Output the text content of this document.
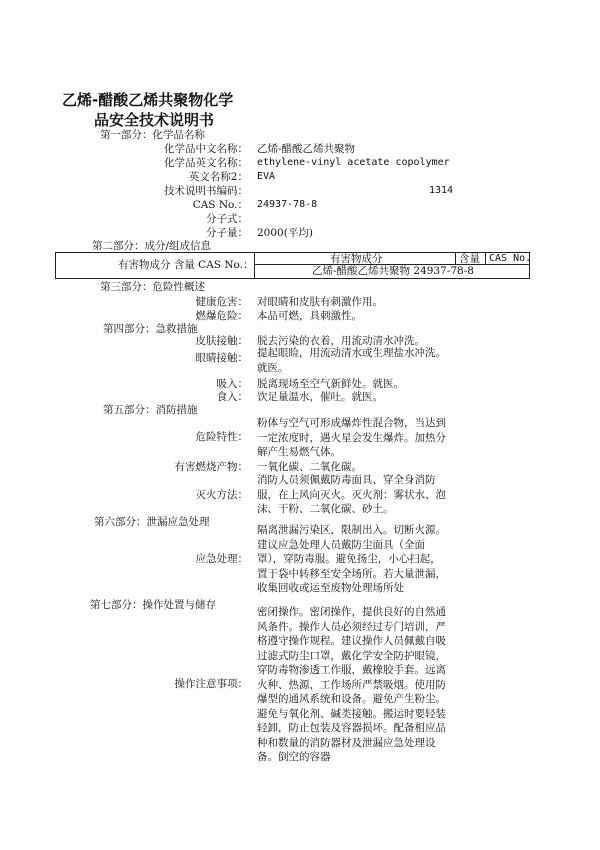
乙烯-醋酸乙烯共聚物化学
品安全技术说明书
第一部分：化学品名称
化学品中文名称： 乙烯-醋酸乙烯共聚物
化学品英文名称： ethylene-vinyl acetate copolymer
英文名称2： EVA
技术说明书编码：	1314
CAS No.： 24937-78-8
分子式：
分子量： 2000(平均)
第二部分：成分/组成信息
有害物成分 含量 CAS No.：	有害物成分	含量 CAS No.
乙烯-醋酸乙烯共聚物 24937-78-8
第三部分：危险性概述
健康危害： 对眼睛和皮肤有刺激作用。
燃爆危险： 本品可燃，具刺激性。
第四部分：急救措施
皮肤接触： 脱去污染的衣着，用流动清水冲洗。
眼睛接触： 提起眼睑，用流动清水或生理盐水冲洗。就医。
吸入： 脱离现场至空气新鲜处。就医。
食入： 饮足量温水，催吐。就医。
第五部分：消防措施
危险特性：
粉体与空气可形成爆炸性混合物，当达到一定浓度时，遇火星会发生爆炸。加热分解产生易燃气体。
有害燃烧产物： 一氧化碳、二氧化碳。
灭火方法：
消防人员须佩戴防毒面具、穿全身消防服，在上风向灭火。灭火剂：雾状水、泡沫、干粉、二氧化碳、砂土。
第六部分：泄漏应急处理
应急处理：
隔离泄漏污染区，限制出入。切断火源。建议应急处理人员戴防尘面具（全面罩），穿防毒服。避免扬尘，小心扫起，置于袋中转移至安全场所。若大量泄漏，收集回收或运至废物处理场所处
第七部分：操作处置与储存
操作注意事项：
密闭操作。密闭操作，提供良好的自然通风条件。操作人员必须经过专门培训，严格遵守操作规程。建议操作人员佩戴自吸过滤式防尘口罩，戴化学安全防护眼镜，穿防毒物渗透工作服，戴橡胶手套。远离火种、热源，工作场所严禁吸烟。使用防爆型的通风系统和设备。避免产生粉尘。避免与氧化剂、碱类接触。搬运时要轻装轻卸，防止包装及容器损坏。配备相应品种和数量的消防器材及泄漏应急处理设备。倒空的容器
